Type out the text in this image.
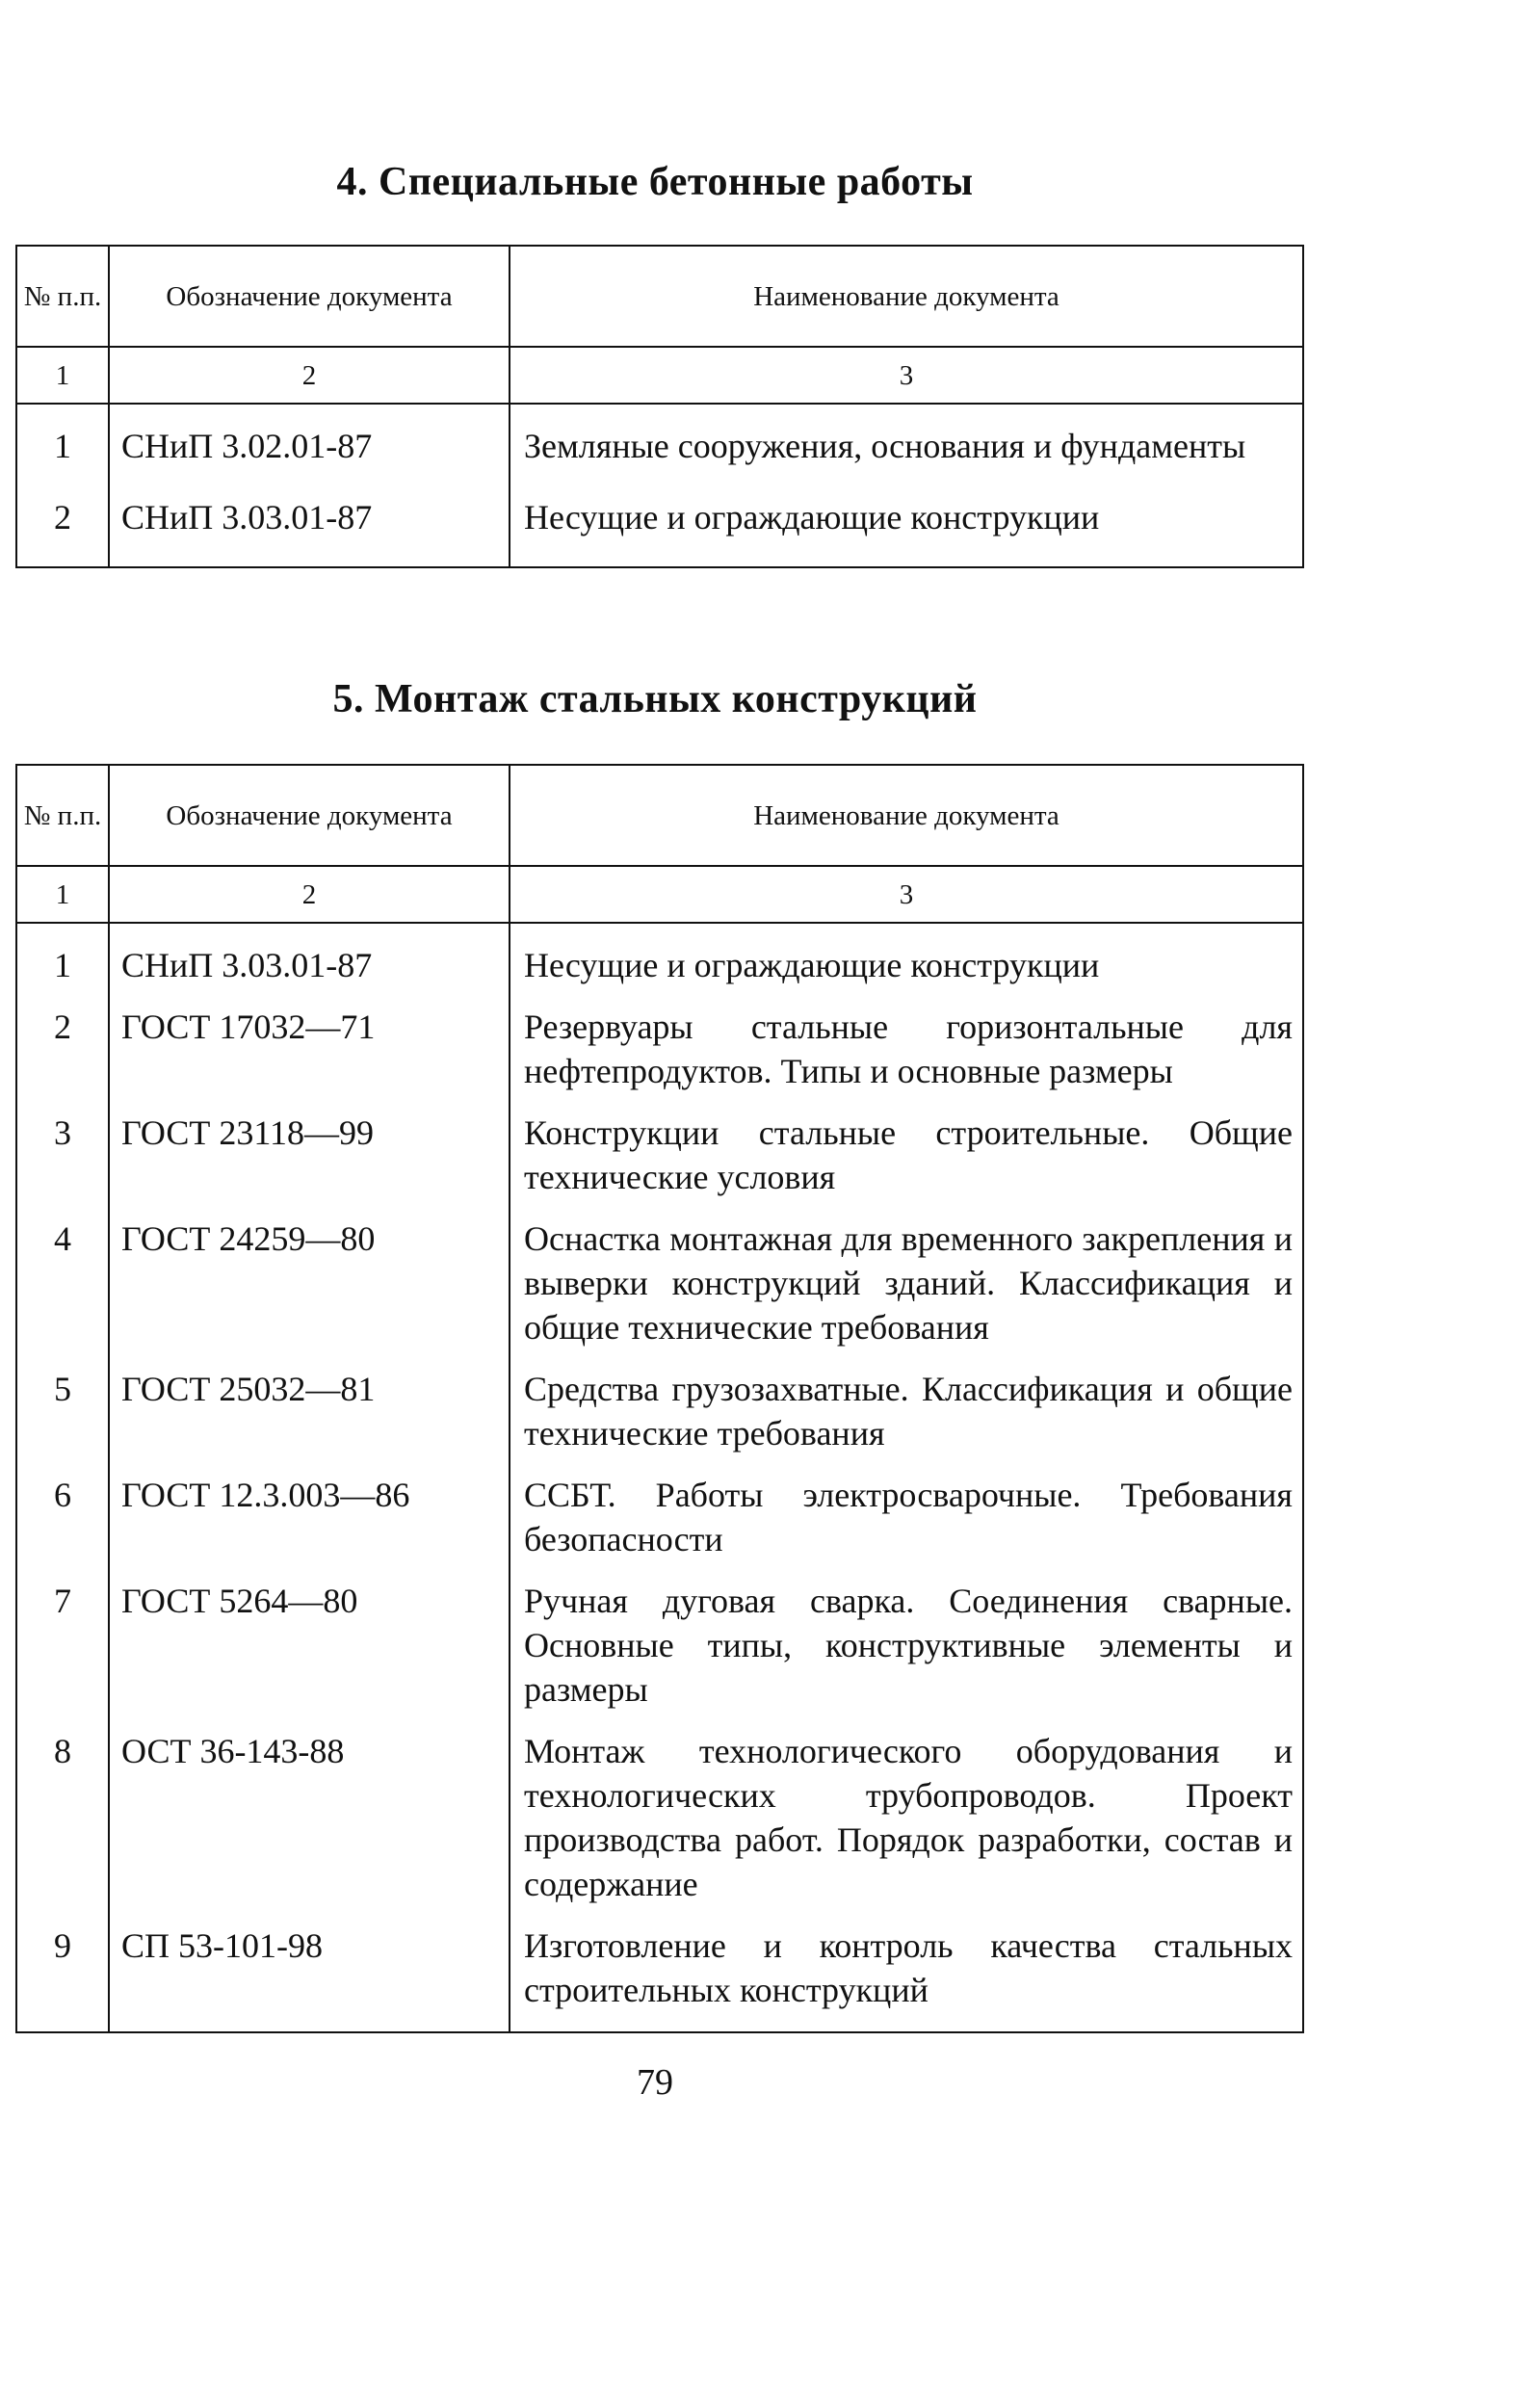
4. Специальные бетонные работы
№ п.п.	Обозначение документа	Наименование документа
1	2	3
1	СНиП 3.02.01-87	Земляные сооружения, основания и фундаменты
2	СНиП 3.03.01-87	Несущие и ограждающие конструкции
5. Монтаж стальных конструкций
№ п.п.	Обозначение документа	Наименование документа
1	2	3
1	СНиП 3.03.01-87	Несущие и ограждающие конструкции
2	ГОСТ 17032—71	Резервуары стальные горизонтальные для нефтепродуктов. Типы и основные размеры
3	ГОСТ 23118—99	Конструкции стальные строительные. Общие технические условия
4	ГОСТ 24259—80	Оснастка монтажная для временного закрепления и выверки конструкций зданий. Классификация и общие технические требования
5	ГОСТ 25032—81	Средства грузозахватные. Классификация и общие технические требования
6	ГОСТ 12.3.003—86	ССБТ. Работы электросварочные. Требования безопасности
7	ГОСТ 5264—80	Ручная дуговая сварка. Соединения сварные. Основные типы, конструктивные элементы и размеры
8	ОСТ 36-143-88	Монтаж технологического оборудования и технологических трубопроводов. Проект производства работ. Порядок разработки, состав и содержание
9	СП 53-101-98	Изготовление и контроль качества стальных строительных конструкций
79
